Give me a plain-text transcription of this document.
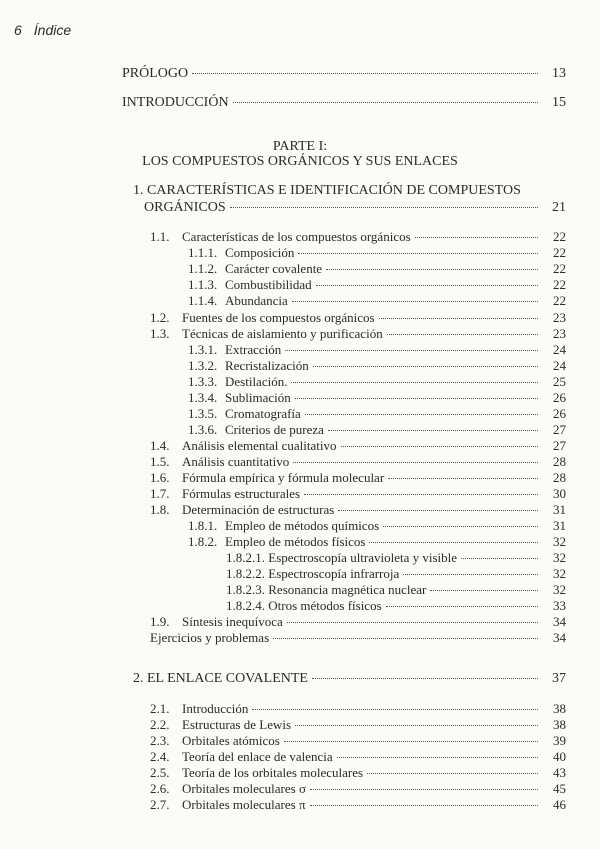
6 Índice
PRÓLOGO	13
INTRODUCCIÓN	15
PARTE I:
LOS COMPUESTOS ORGÁNICOS Y SUS ENLACES
1. CARACTERÍSTICAS E IDENTIFICACIÓN DE COMPUESTOS
ORGÁNICOS	21
1.1. Características de los compuestos orgánicos	22
1.1.1. Composición	22
1.1.2. Carácter covalente	22
1.1.3. Combustibilidad	22
1.1.4. Abundancia	22
1.2. Fuentes de los compuestos orgánicos	23
1.3. Técnicas de aislamiento y purificación	23
1.3.1. Extracción	24
1.3.2. Recristalización	24
1.3.3. Destilación.	25
1.3.4. Sublimación	26
1.3.5. Cromatografía	26
1.3.6. Criterios de pureza	27
1.4. Análisis elemental cualitativo	27
1.5. Análisis cuantitativo	28
1.6. Fórmula empírica y fórmula molecular	28
1.7. Fórmulas estructurales	30
1.8. Determinación de estructuras	31
1.8.1. Empleo de métodos químicos	31
1.8.2. Empleo de métodos físicos	32
1.8.2.1. Espectroscopía ultravioleta y visible	32
1.8.2.2. Espectroscopía infrarroja	32
1.8.2.3. Resonancia magnética nuclear	32
1.8.2.4. Otros métodos físicos	33
1.9. Síntesis inequívoca	34
Ejercicios y problemas	34
2. EL ENLACE COVALENTE	37
2.1. Introducción	38
2.2. Estructuras de Lewis	38
2.3. Orbitales atómicos	39
2.4. Teoría del enlace de valencia	40
2.5. Teoría de los orbitales moleculares	43
2.6. Orbitales moleculares σ	45
2.7. Orbitales moleculares π	46
